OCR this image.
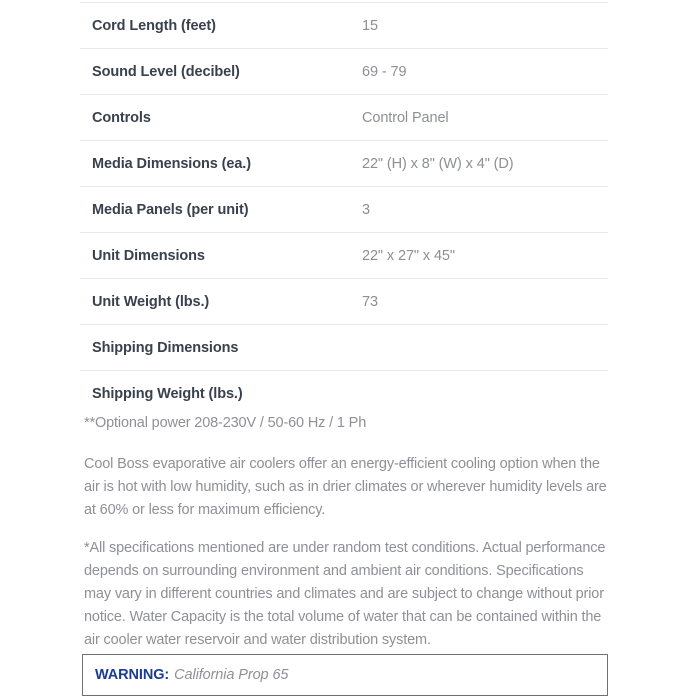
Cord Length (feet)	15
Sound Level (decibel)	69 - 79
Controls	Control Panel
Media Dimensions (ea.)	22" (H) x 8" (W) x 4" (D)
Media Panels (per unit)	3
Unit Dimensions	22" x 27" x 45"
Unit Weight (lbs.)	73
Shipping Dimensions	
Shipping Weight (lbs.)	

**Optional power 208-230V / 50-60 Hz / 1 Ph

Cool Boss evaporative air coolers offer an energy-efficient cooling option when the air is hot with low humidity, such as in drier climates or wherever humidity levels are at 60% or less for maximum efficiency.

*All specifications mentioned are under random test conditions. Actual performance depends on surrounding environment and ambient air conditions. Specifications may vary in different countries and climates and are subject to change without prior notice. Water Capacity is the total volume of water that can be contained within the air cooler water reservoir and water distribution system.

WARNING: California Prop 65
